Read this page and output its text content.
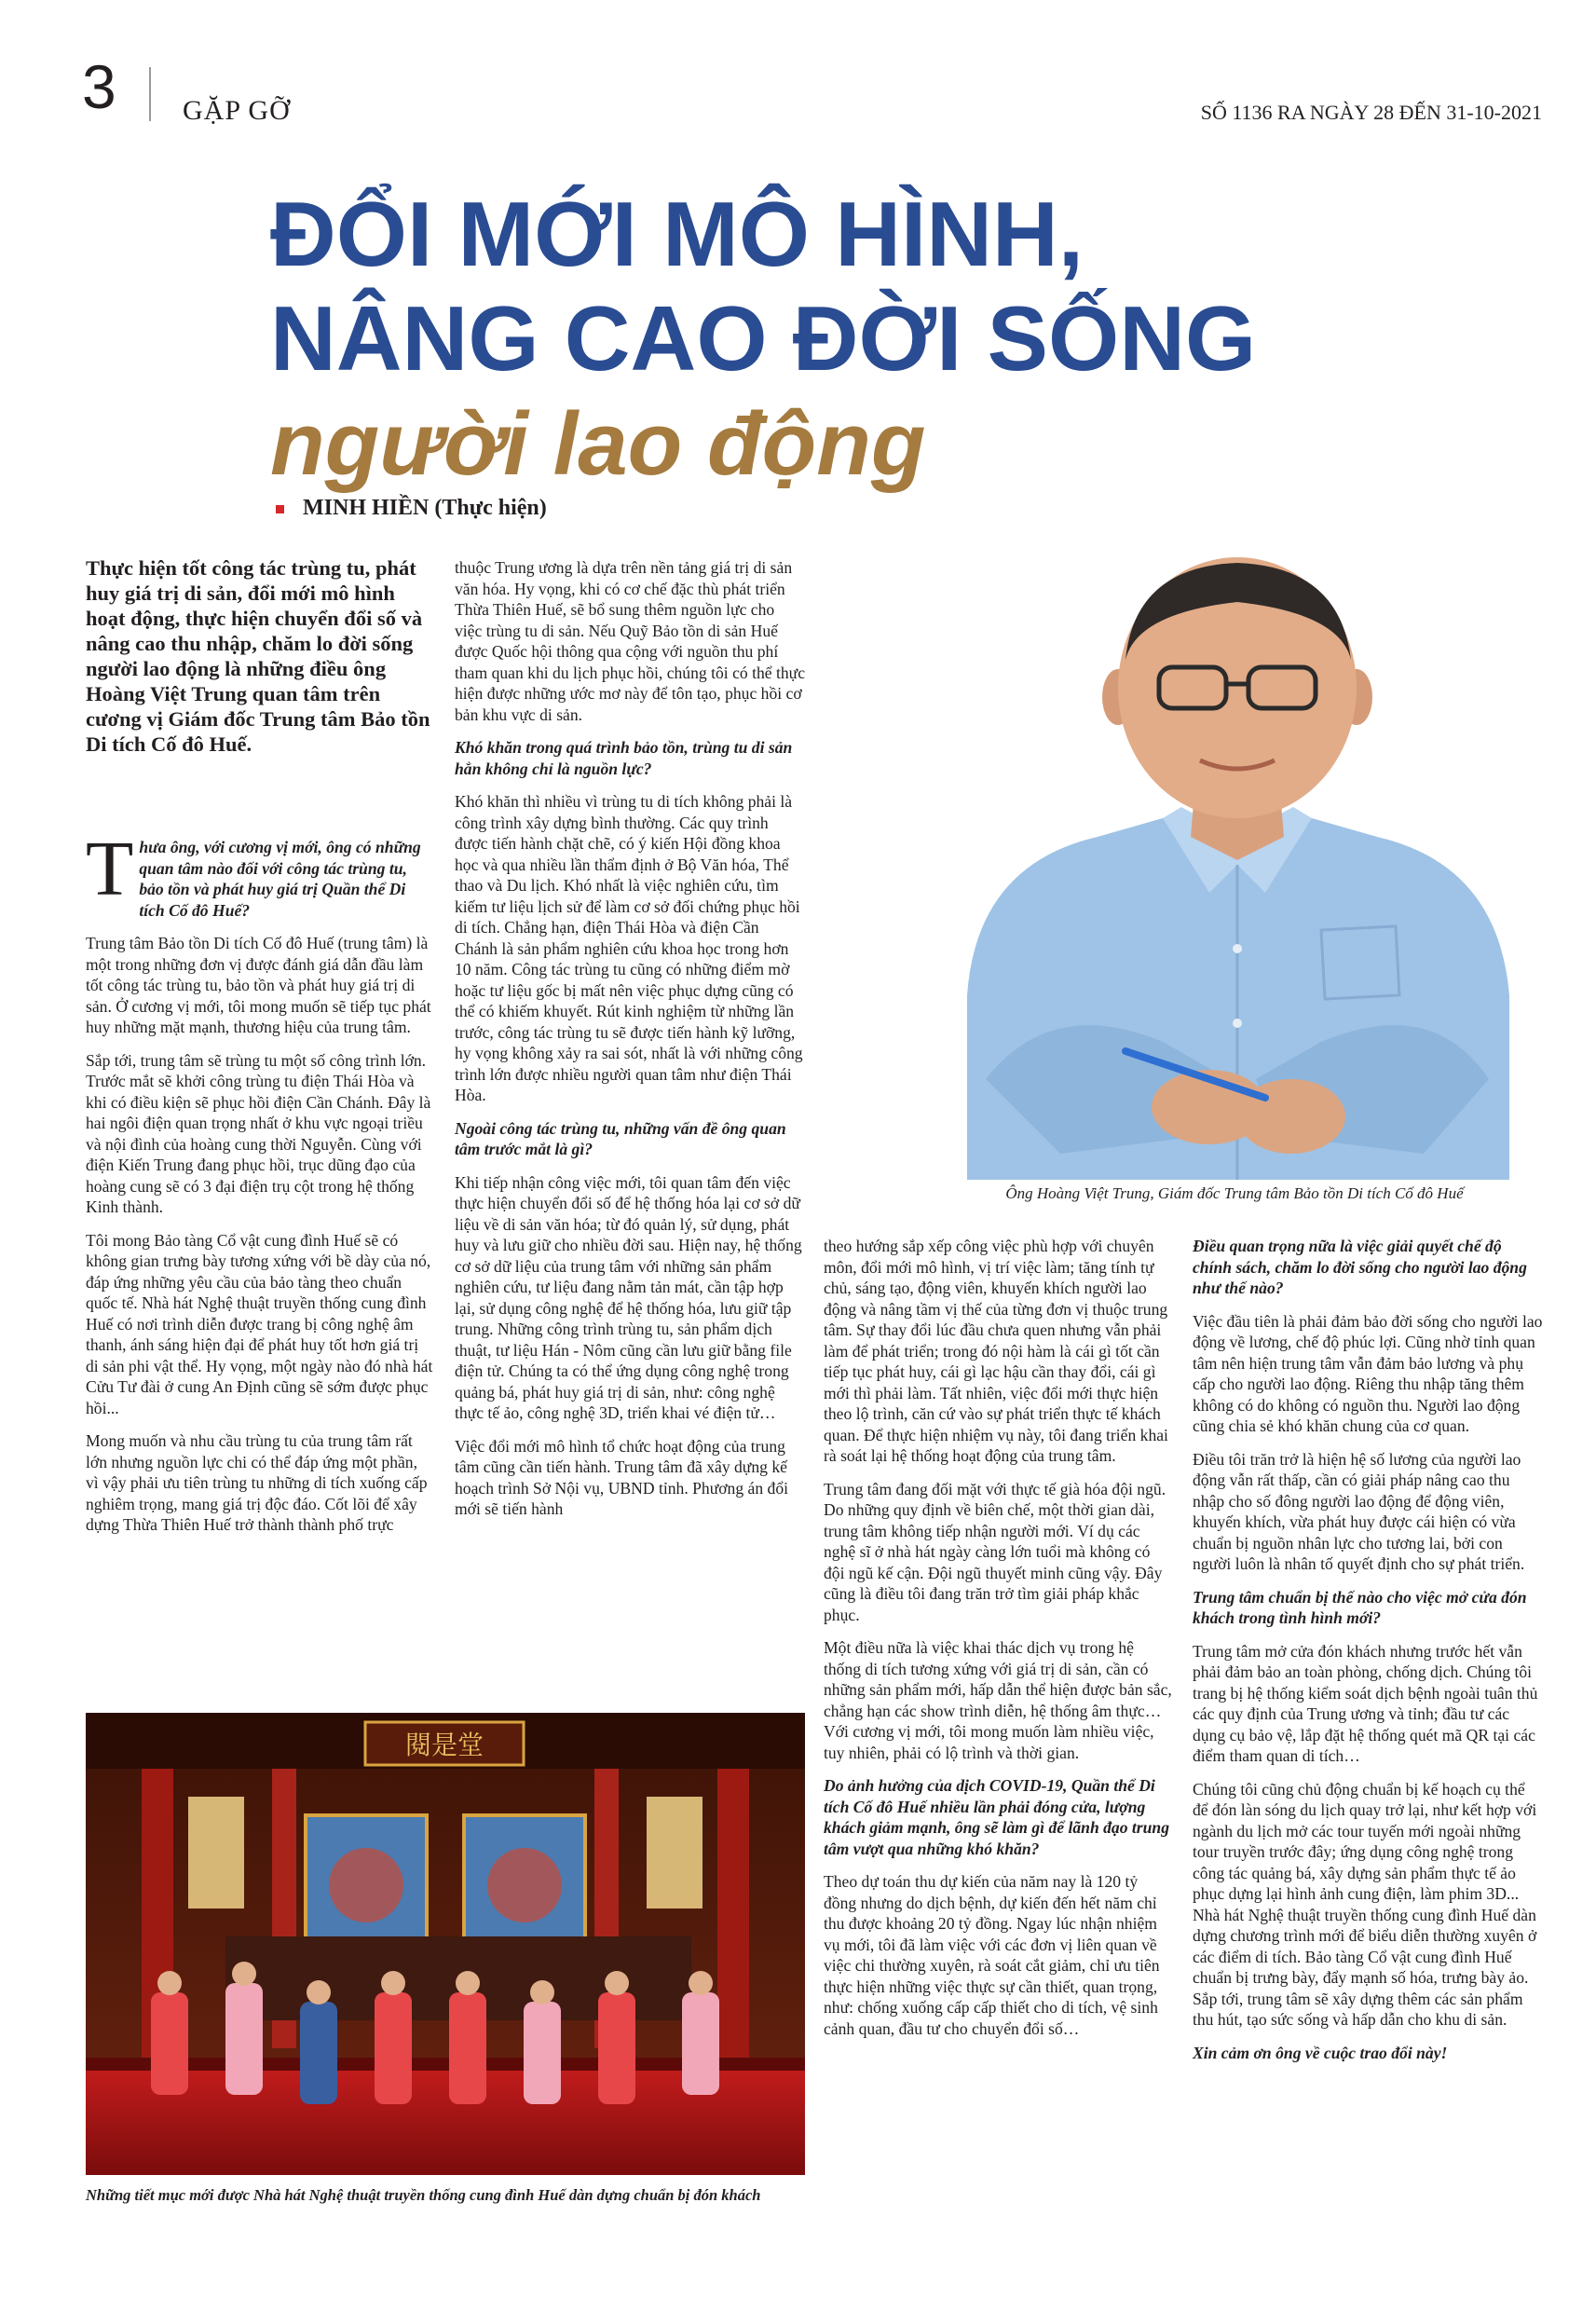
3 GẶP GỠ	SỐ 1136 RA NGÀY 28 ĐẾN 31-10-2021
ĐỔI MỚI MÔ HÌNH,
NÂNG CAO ĐỜI SỐNG
người lao động
MINH HIỀN (Thực hiện)

Thực hiện tốt công tác trùng tu, phát huy giá trị di sản, đổi mới mô hình hoạt động, thực hiện chuyển đổi số và nâng cao thu nhập, chăm lo đời sống người lao động là những điều ông Hoàng Việt Trung quan tâm trên cương vị Giám đốc Trung tâm Bảo tồn Di tích Cố đô Huế.

Thưa ông, với cương vị mới, ông có những quan tâm nào đối với công tác trùng tu, bảo tồn và phát huy giá trị Quần thể Di tích Cố đô Huế?

Trung tâm Bảo tồn Di tích Cố đô Huế (trung tâm) là một trong những đơn vị được đánh giá dẫn đầu làm tốt công tác trùng tu, bảo tồn và phát huy giá trị di sản. Ở cương vị mới, tôi mong muốn sẽ tiếp tục phát huy những mặt mạnh, thương hiệu của trung tâm.

Sắp tới, trung tâm sẽ trùng tu một số công trình lớn. Trước mắt sẽ khởi công trùng tu điện Thái Hòa và khi có điều kiện sẽ phục hồi điện Cần Chánh. Đây là hai ngôi điện quan trọng nhất ở khu vực ngoại triều và nội đình của hoàng cung thời Nguyễn. Cùng với điện Kiến Trung đang phục hồi, trục dũng đạo của hoàng cung sẽ có 3 đại điện trụ cột trong hệ thống Kinh thành.

Tôi mong Bảo tàng Cổ vật cung đình Huế sẽ có không gian trưng bày tương xứng với bề dày của nó, đáp ứng những yêu cầu của bảo tàng theo chuẩn quốc tế. Nhà hát Nghệ thuật truyền thống cung đình Huế có nơi trình diễn được trang bị công nghệ âm thanh, ánh sáng hiện đại để phát huy tốt hơn giá trị di sản phi vật thể. Hy vọng, một ngày nào đó nhà hát Cửu Tư đài ở cung An Định cũng sẽ sớm được phục hồi...

Mong muốn và nhu cầu trùng tu của trung tâm rất lớn nhưng nguồn lực chi có thể đáp ứng một phần, vì vậy phải ưu tiên trùng tu những di tích xuống cấp nghiêm trọng, mang giá trị độc đáo. Cốt lõi để xây dựng Thừa Thiên Huế trở thành thành phố trực

thuộc Trung ương là dựa trên nền tảng giá trị di sản văn hóa. Hy vọng, khi có cơ chế đặc thù phát triển Thừa Thiên Huế, sẽ bổ sung thêm nguồn lực cho việc trùng tu di sản. Nếu Quỹ Bảo tồn di sản Huế được Quốc hội thông qua cộng với nguồn thu phí tham quan khi du lịch phục hồi, chúng tôi có thể thực hiện được những ước mơ này để tôn tạo, phục hồi cơ bản khu vực di sản.

Khó khăn trong quá trình bảo tồn, trùng tu di sản hẳn không chỉ là nguồn lực?

Khó khăn thì nhiều vì trùng tu di tích không phải là công trình xây dựng bình thường. Các quy trình được tiến hành chặt chẽ, có ý kiến Hội đồng khoa học và qua nhiều lần thẩm định ở Bộ Văn hóa, Thể thao và Du lịch. Khó nhất là việc nghiên cứu, tìm kiếm tư liệu lịch sử để làm cơ sở đối chứng phục hồi di tích. Chẳng hạn, điện Thái Hòa và điện Cần Chánh là sản phẩm nghiên cứu khoa học trong hơn 10 năm. Công tác trùng tu cũng có những điểm mờ hoặc tư liệu gốc bị mất nên việc phục dựng cũng có thể có khiếm khuyết. Rút kinh nghiệm từ những lần trước, công tác trùng tu sẽ được tiến hành kỹ lưỡng, hy vọng không xảy ra sai sót, nhất là với những công trình lớn được nhiều người quan tâm như điện Thái Hòa.

Ngoài công tác trùng tu, những vấn đề ông quan tâm trước mắt là gì?

Khi tiếp nhận công việc mới, tôi quan tâm đến việc thực hiện chuyển đổi số để hệ thống hóa lại cơ sở dữ liệu về di sản văn hóa; từ đó quản lý, sử dụng, phát huy và lưu giữ cho nhiều đời sau. Hiện nay, hệ thống cơ sở dữ liệu của trung tâm với những sản phẩm nghiên cứu, tư liệu đang nằm tản mát, cần tập hợp lại, sử dụng công nghệ để hệ thống hóa, lưu giữ tập trung. Những công trình trùng tu, sản phẩm dịch thuật, tư liệu Hán - Nôm cũng cần lưu giữ bằng file điện tử. Chúng ta có thể ứng dụng công nghệ trong quảng bá, phát huy giá trị di sản, như: công nghệ thực tế ảo, công nghệ 3D, triển khai vé điện tử…

Việc đổi mới mô hình tổ chức hoạt động của trung tâm cũng cần tiến hành. Trung tâm đã xây dựng kế hoạch trình Sở Nội vụ, UBND tỉnh. Phương án đổi mới sẽ tiến hành

Ông Hoàng Việt Trung, Giám đốc Trung tâm Bảo tồn Di tích Cố đô Huế

theo hướng sắp xếp công việc phù hợp với chuyên môn, đổi mới mô hình, vị trí việc làm; tăng tính tự chủ, sáng tạo, động viên, khuyến khích người lao động và nâng tầm vị thế của từng đơn vị thuộc trung tâm. Sự thay đổi lúc đầu chưa quen nhưng vẫn phải làm để phát triển; trong đó nội hàm là cái gì tốt cần tiếp tục phát huy, cái gì lạc hậu cần thay đổi, cái gì mới thì phải làm. Tất nhiên, việc đổi mới thực hiện theo lộ trình, căn cứ vào sự phát triển thực tế khách quan. Để thực hiện nhiệm vụ này, tôi đang triển khai rà soát lại hệ thống hoạt động của trung tâm.

Trung tâm đang đối mặt với thực tế già hóa đội ngũ. Do những quy định về biên chế, một thời gian dài, trung tâm không tiếp nhận người mới. Ví dụ các nghệ sĩ ở nhà hát ngày càng lớn tuổi mà không có đội ngũ kế cận. Đội ngũ thuyết minh cũng vậy. Đây cũng là điều tôi đang trăn trở tìm giải pháp khắc phục.

Một điều nữa là việc khai thác dịch vụ trong hệ thống di tích tương xứng với giá trị di sản, cần có những sản phẩm mới, hấp dẫn thể hiện được bản sắc, chẳng hạn các show trình diễn, hệ thống âm thực… Với cương vị mới, tôi mong muốn làm nhiều việc, tuy nhiên, phải có lộ trình và thời gian.

Do ảnh hưởng của dịch COVID-19, Quần thể Di tích Cố đô Huế nhiều lần phải đóng cửa, lượng khách giảm mạnh, ông sẽ làm gì để lãnh đạo trung tâm vượt qua những khó khăn?

Theo dự toán thu dự kiến của năm nay là 120 tỷ đồng nhưng do dịch bệnh, dự kiến đến hết năm chỉ thu được khoảng 20 tỷ đồng. Ngay lúc nhận nhiệm vụ mới, tôi đã làm việc với các đơn vị liên quan về việc chi thường xuyên, rà soát cắt giảm, chỉ ưu tiên thực hiện những việc thực sự cần thiết, quan trọng, như: chống xuống cấp cấp thiết cho di tích, vệ sinh cảnh quan, đầu tư cho chuyển đổi số…

Điều quan trọng nữa là việc giải quyết chế độ chính sách, chăm lo đời sống cho người lao động như thế nào?

Việc đầu tiên là phải đảm bảo đời sống cho người lao động về lương, chế độ phúc lợi. Cũng nhờ tỉnh quan tâm nên hiện trung tâm vẫn đảm bảo lương và phụ cấp cho người lao động. Riêng thu nhập tăng thêm không có do không có nguồn thu. Người lao động cũng chia sẻ khó khăn chung của cơ quan.

Điều tôi trăn trở là hiện hệ số lương của người lao động vẫn rất thấp, cần có giải pháp nâng cao thu nhập cho số đông người lao động để động viên, khuyến khích, vừa phát huy được cái hiện có vừa chuẩn bị nguồn nhân lực cho tương lai, bởi con người luôn là nhân tố quyết định cho sự phát triển.

Trung tâm chuẩn bị thế nào cho việc mở cửa đón khách trong tình hình mới?

Trung tâm mở cửa đón khách nhưng trước hết vẫn phải đảm bảo an toàn phòng, chống dịch. Chúng tôi trang bị hệ thống kiểm soát dịch bệnh ngoài tuân thủ các quy định của Trung ương và tỉnh; đầu tư các dụng cụ bảo vệ, lắp đặt hệ thống quét mã QR tại các điểm tham quan di tích…

Chúng tôi cũng chủ động chuẩn bị kế hoạch cụ thể để đón làn sóng du lịch quay trở lại, như kết hợp với ngành du lịch mở các tour tuyến mới ngoài những tour truyền trước đây; ứng dụng công nghệ trong công tác quảng bá, xây dựng sản phẩm thực tế ảo phục dựng lại hình ảnh cung điện, làm phim 3D... Nhà hát Nghệ thuật truyền thống cung đình Huế dàn dựng chương trình mới để biểu diễn thường xuyên ở các điểm di tích. Bảo tàng Cổ vật cung đình Huế chuẩn bị trưng bày, đẩy mạnh số hóa, trưng bày ảo. Sắp tới, trung tâm sẽ xây dựng thêm các sản phẩm thu hút, tạo sức sống và hấp dẫn cho khu di sản.

Xin cảm ơn ông về cuộc trao đổi này!

閱是堂
Những tiết mục mới được Nhà hát Nghệ thuật truyền thống cung đình Huế dàn dựng chuẩn bị đón khách
